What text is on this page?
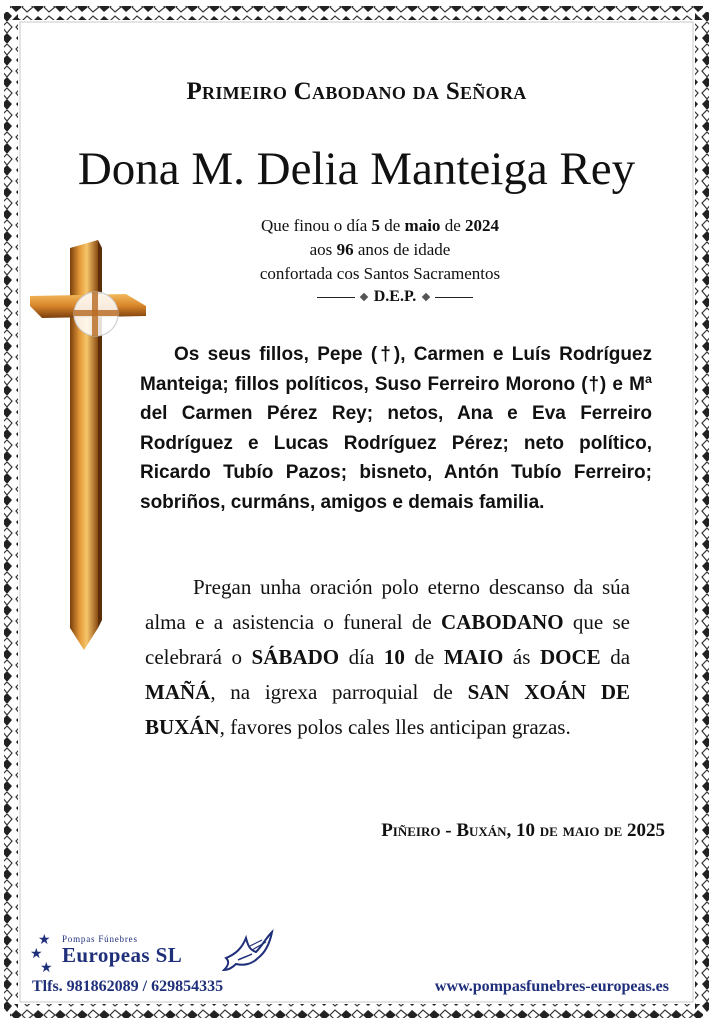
Primeiro Cabodano da Señora
Dona M. Delia Manteiga Rey
Que finou o día 5 de maio de 2024
aos 96 anos de idade
confortada cos Santos Sacramentos
D.E.P.
Os seus fillos, Pepe (†), Carmen e Luís Rodríguez Manteiga; fillos políticos, Suso Ferreiro Morono (†) e Mª del Carmen Pérez Rey; netos, Ana e Eva Ferreiro Rodríguez e Lucas Rodríguez Pérez; neto político, Ricardo Tubío Pazos; bisneto, Antón Tubío Ferreiro; sobriños, curmáns, amigos e demais familia.
Pregan unha oración polo eterno descanso da súa alma e a asistencia o funeral de CABODANO que se celebrará o SÁBADO día 10 de MAIO ás DOCE da MAÑÁ, na igrexa parroquial de SAN XOÁN DE BUXÁN, favores polos cales lles anticipan grazas.
Piñeiro - Buxán, 10 de maio de 2025
★
★
★
Pompas Fúnebres
Europeas SL
Tlfs. 981862089 / 629854335	www.pompasfunebres-europeas.es
